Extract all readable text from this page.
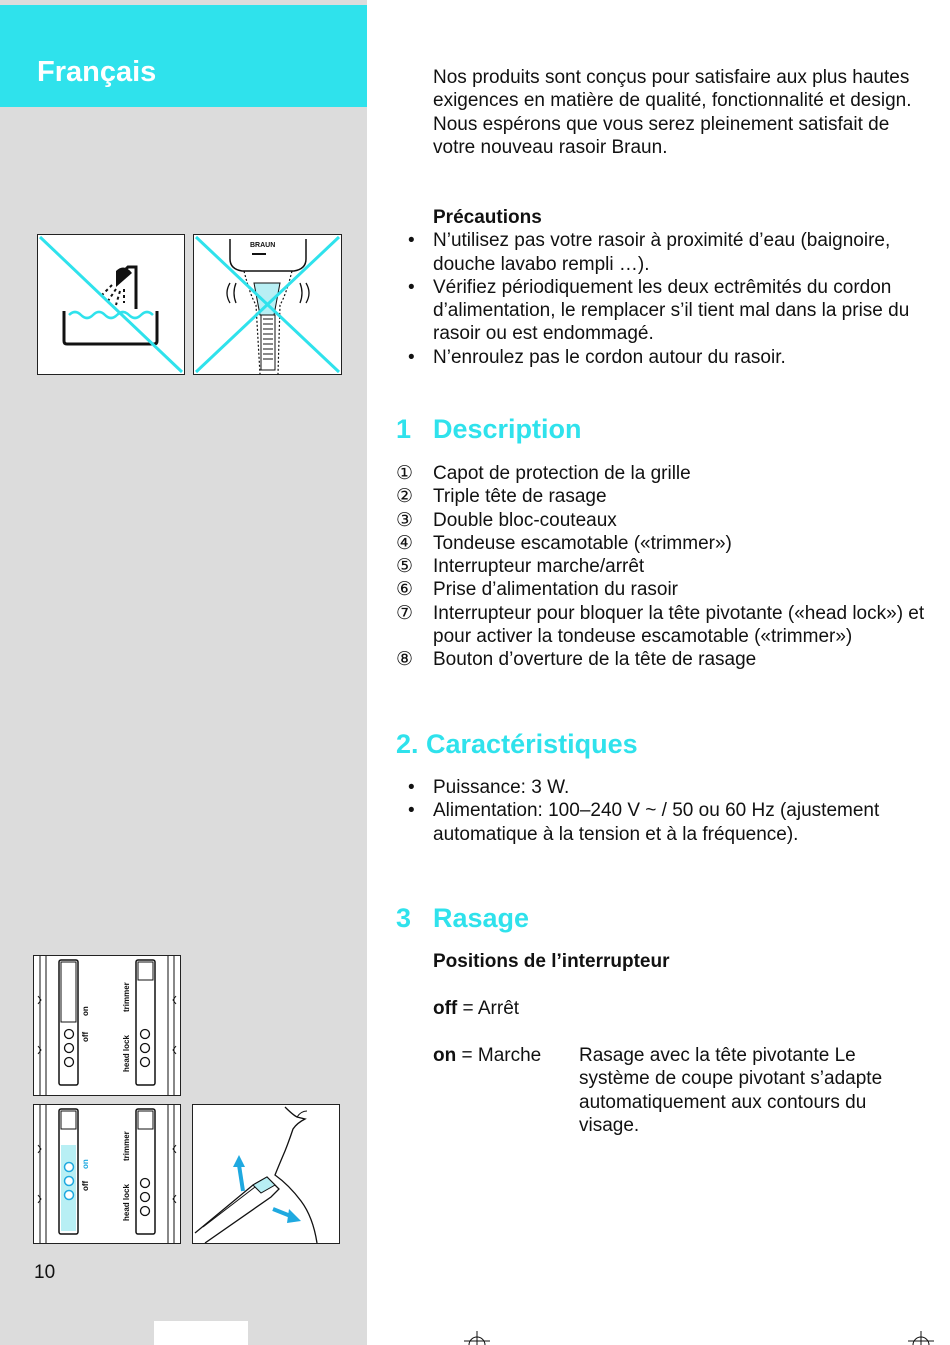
Français
BRAUN
off
on
head lock
trimmer
off
on
head lock
trimmer
10

Nos produits sont conçus pour satisfaire aux plus hautes exigences en matière de qualité, fonctionnalité et design. Nous espérons que vous serez pleinement satisfait de votre nouveau rasoir Braun.

Précautions

• N’utilisez pas votre rasoir à proximité d’eau (baignoire, douche lavabo rempli …).
• Vérifiez périodiquement les deux ectrêmités du cordon d’alimentation, le remplacer s’il tient mal dans la prise du rasoir ou est endommagé.
• N’enroulez pas le cordon autour du rasoir.
1 Description
① Capot de protection de la grille
② Triple tête de rasage
③ Double bloc-couteaux
④ Tondeuse escamotable («trimmer»)
⑤ Interrupteur marche/arrêt
⑥ Prise d’alimentation du rasoir
⑦ Interrupteur pour bloquer la tête pivotante («head lock») et pour activer la tondeuse escamotable («trimmer»)
⑧ Bouton d’overture de la tête de rasage
2. Caractéristiques
• Puissance: 3 W.
• Alimentation: 100–240 V ~ / 50 ou 60 Hz (ajustement automatique à la tension et à la fréquence).
3 Rasage
Positions de l’interrupteur
off = Arrêt
on = Marche Rasage avec la tête pivotante Le système de coupe pivotant s’adapte automatiquement aux contours du visage.
